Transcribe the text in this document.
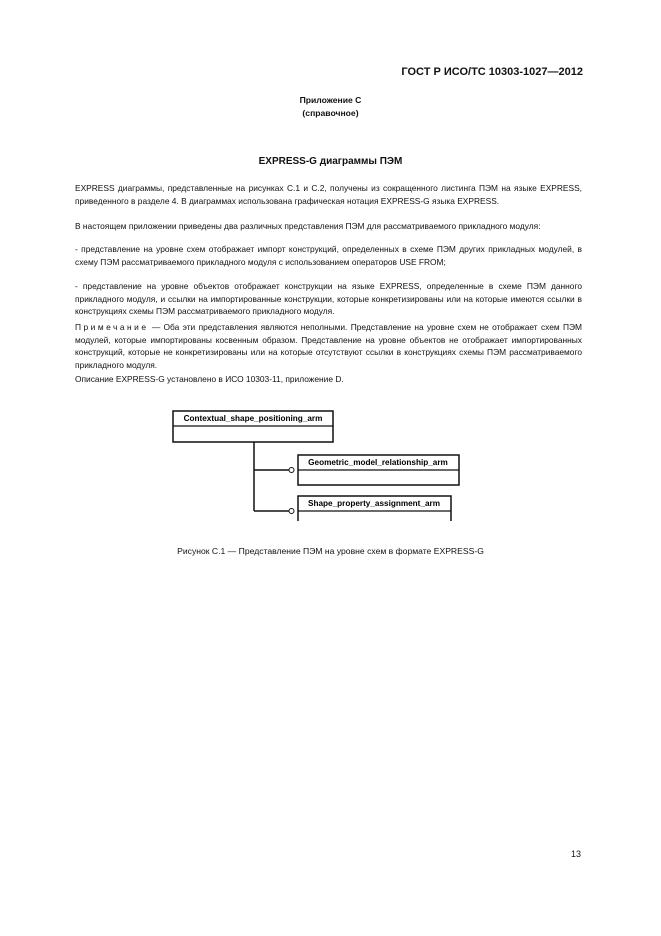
ГОСТ Р ИСО/ТС 10303-1027—2012
Приложение С
(справочное)
EXPRESS-G диаграммы ПЭМ

EXPRESS диаграммы, представленные на рисунках С.1 и С.2, получены из сокращенного листинга ПЭМ на языке EXPRESS, приведенного в разделе 4. В диаграммах использована графическая нотация EXPRESS-G языка EXPRESS.

В настоящем приложении приведены два различных представления ПЭМ для рассматриваемого прикладного модуля:

- представление на уровне схем отображает импорт конструкций, определенных в схеме ПЭМ других прикладных модулей, в схему ПЭМ рассматриваемого прикладного модуля с использованием операторов USE FROM;

- представление на уровне объектов отображает конструкции на языке EXPRESS, определенные в схеме ПЭМ данного прикладного модуля, и ссылки на импортированные конструкции, которые конкретизированы или на которые имеются ссылки в конструкциях схемы ПЭМ рассматриваемого прикладного модуля.

Примечание — Оба эти представления являются неполными. Представление на уровне схем не отображает схем ПЭМ модулей, которые импортированы косвенным образом. Представление на уровне объектов не отображает импортированных конструкций, которые не конкретизированы или на которые отсутствуют ссылки в конструкциях схемы ПЭМ рассматриваемого прикладного модуля.

Описание EXPRESS-G установлено в ИСО 10303-11, приложение D.

Contextual_shape_positioning_arm
Geometric_model_relationship_arm
Shape_property_assignment_arm
Рисунок С.1 — Представление ПЭМ на уровне схем в формате EXPRESS-G
13
